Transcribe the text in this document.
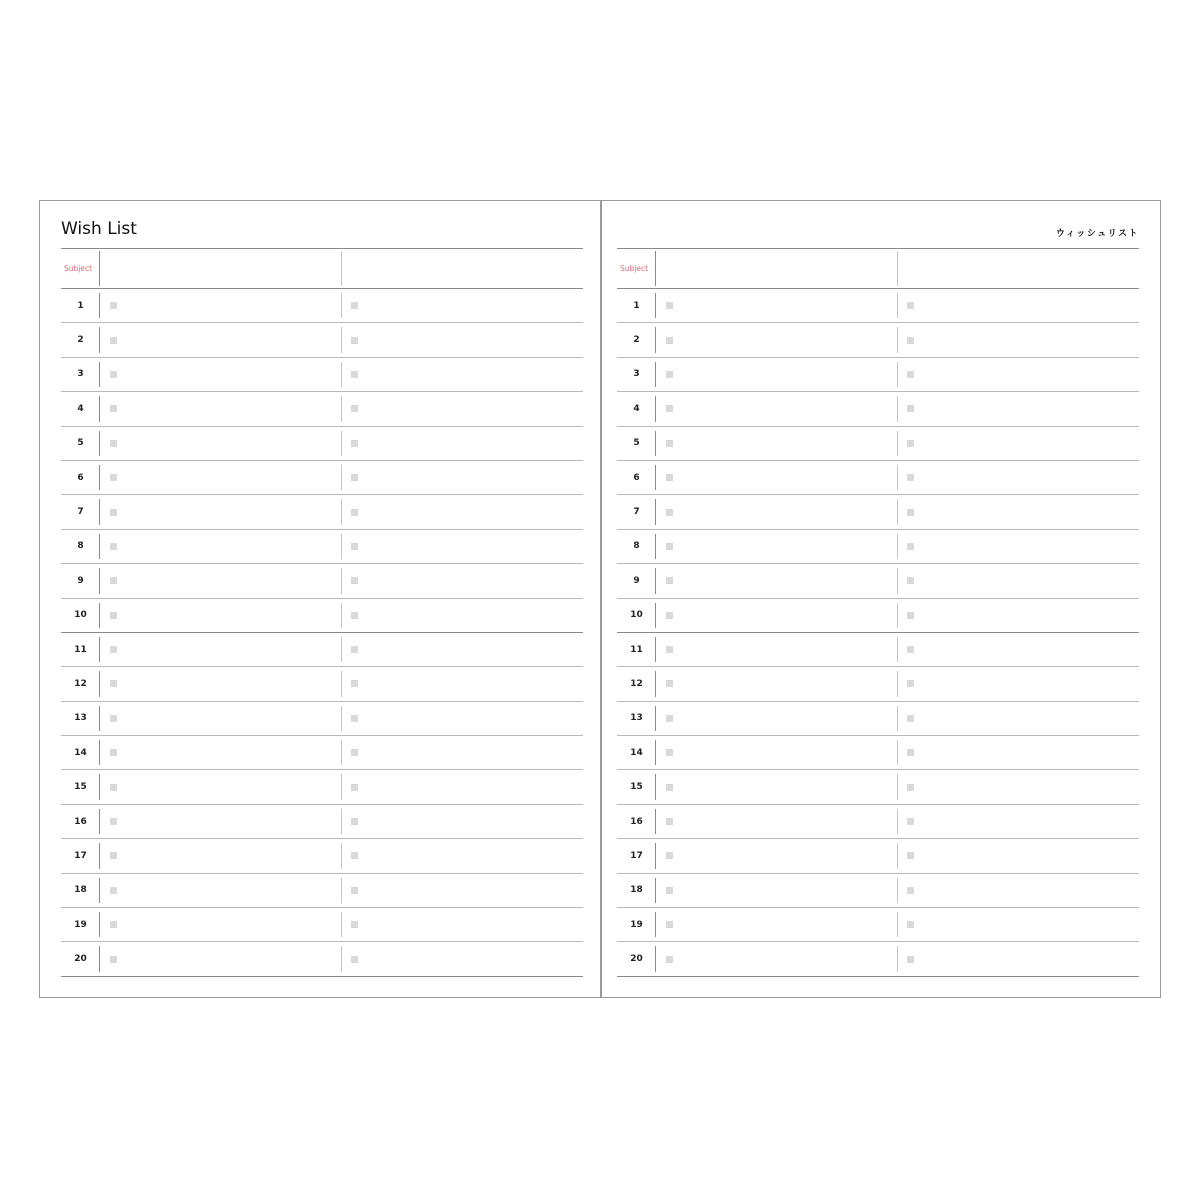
Wish List
Subject
1
2
3
4
5
6
7
8
9
10
11
12
13
14
15
16
17
18
19
20
ウィッシュリスト
Subject
1
2
3
4
5
6
7
8
9
10
11
12
13
14
15
16
17
18
19
20
